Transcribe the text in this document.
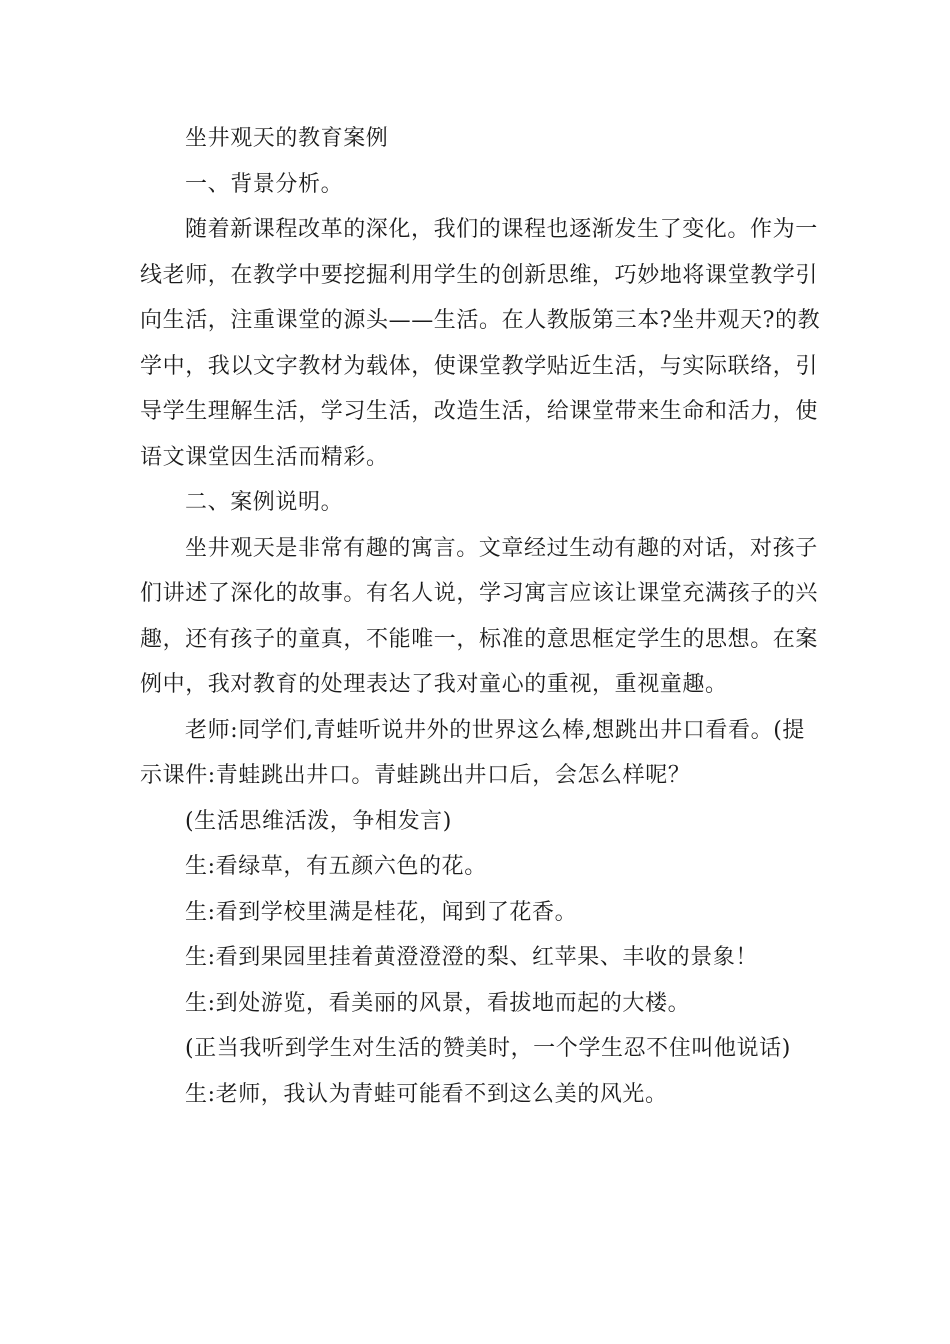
坐井观天的教育案例
一、背景分析。
随着新课程改革的深化，我们的课程也逐渐发生了变化。作为一
线老师，在教学中要挖掘利用学生的创新思维，巧妙地将课堂教学引
向生活，注重课堂的源头——生活。在人教版第三本?坐井观天?的教
学中，我以文字教材为载体，使课堂教学贴近生活，与实际联络，引
导学生理解生活，学习生活，改造生活，给课堂带来生命和活力，使
语文课堂因生活而精彩。
二、案例说明。
坐井观天是非常有趣的寓言。文章经过生动有趣的对话，对孩子
们讲述了深化的故事。有名人说，学习寓言应该让课堂充满孩子的兴
趣，还有孩子的童真，不能唯一，标准的意思框定学生的思想。在案
例中，我对教育的处理表达了我对童心的重视，重视童趣。
老师:同学们,青蛙听说井外的世界这么棒,想跳出井口看看。(提
示课件:青蛙跳出井口。青蛙跳出井口后，会怎么样呢？
(生活思维活泼，争相发言)
生:看绿草，有五颜六色的花。
生:看到学校里满是桂花，闻到了花香。
生:看到果园里挂着黄澄澄澄的梨、红苹果、丰收的景象！
生:到处游览，看美丽的风景，看拔地而起的大楼。
(正当我听到学生对生活的赞美时，一个学生忍不住叫他说话)
生:老师，我认为青蛙可能看不到这么美的风光。
